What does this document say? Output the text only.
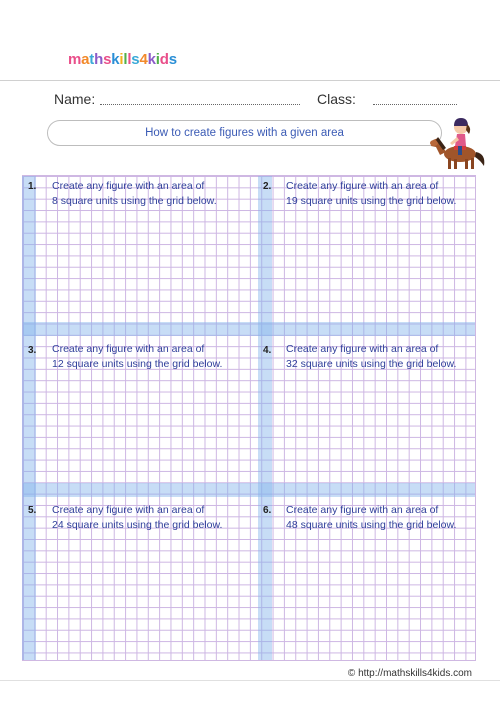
mathskills4kids
Name:	Class:
How to create figures with a given area
1. Create any figure with an area of
8 square units using the grid below.
2. Create any figure with an area of
19 square units using the grid below.
3. Create any figure with an area of
12 square units using the grid below.
4. Create any figure with an area of
32 square units using the grid below.
5. Create any figure with an area of
24 square units using the grid below.
6. Create any figure with an area of
48 square units using the grid below.
© http://mathskills4kids.com
